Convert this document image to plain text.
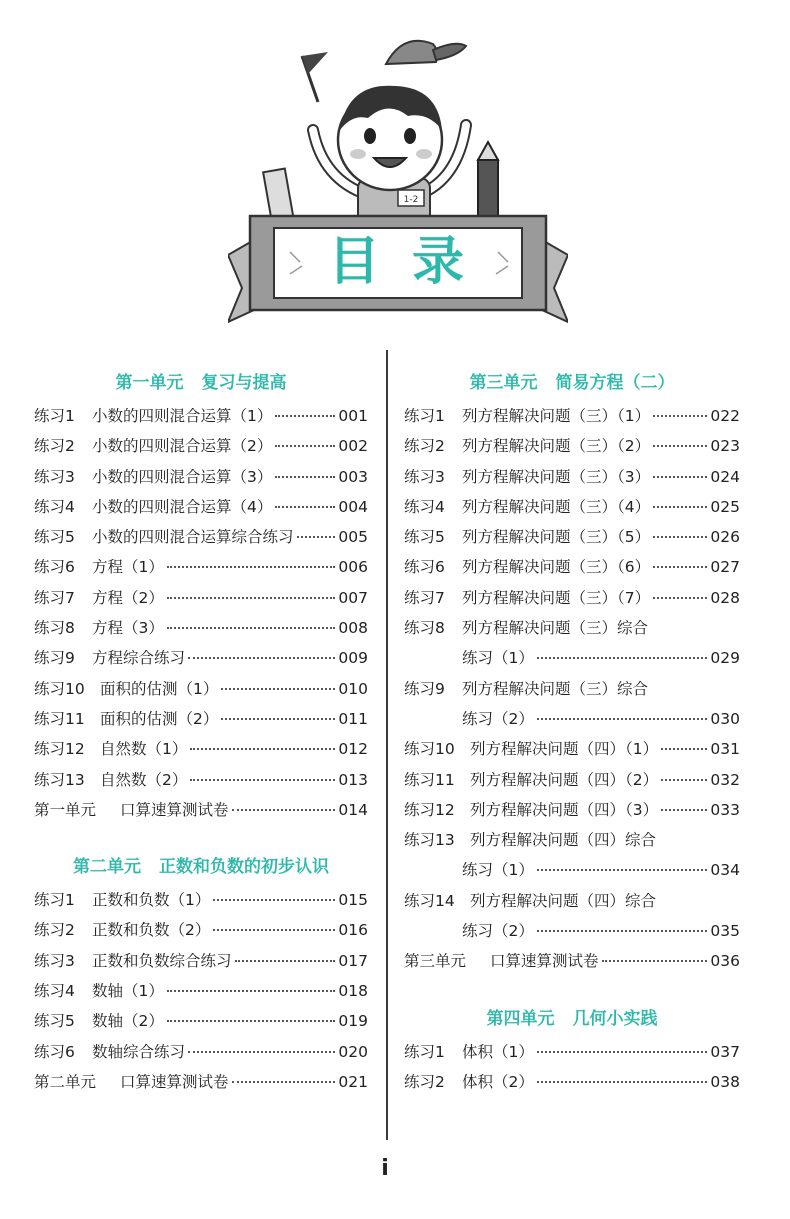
1-2
目录
第一单元 复习与提高
练习1	小数的四则混合运算（1）	001
练习2	小数的四则混合运算（2）	002
练习3	小数的四则混合运算（3）	003
练习4	小数的四则混合运算（4）	004
练习5	小数的四则混合运算综合练习	005
练习6	方程（1）	006
练习7	方程（2）	007
练习8	方程（3）	008
练习9	方程综合练习	009
练习10 面积的估测（1）	010
练习11 面积的估测（2）	011
练习12 自然数（1）	012
练习13 自然数（2）	013
第一单元	口算速算测试卷	014
第二单元 正数和负数的初步认识
练习1	正数和负数（1）	015
练习2	正数和负数（2）	016
练习3	正数和负数综合练习	017
练习4	数轴（1）	018
练习5	数轴（2）	019
练习6	数轴综合练习	020
第二单元	口算速算测试卷	021
第三单元 简易方程（二）
练习1	列方程解决问题（三）（1）	022
练习2	列方程解决问题（三）（2）	023
练习3	列方程解决问题（三）（3）	024
练习4	列方程解决问题（三）（4）	025
练习5	列方程解决问题（三）（5）	026
练习6	列方程解决问题（三）（6）	027
练习7	列方程解决问题（三）（7）	028
练习8	列方程解决问题（三）综合
练习（1）	029
练习9	列方程解决问题（三）综合
练习（2）	030
练习10 列方程解决问题（四）（1）	031
练习11 列方程解决问题（四）（2）	032
练习12 列方程解决问题（四）（3）	033
练习13 列方程解决问题（四）综合
练习（1）	034
练习14 列方程解决问题（四）综合
练习（2）	035
第三单元	口算速算测试卷	036
第四单元 几何小实践
练习1	体积（1）	037
练习2	体积（2）	038
i
